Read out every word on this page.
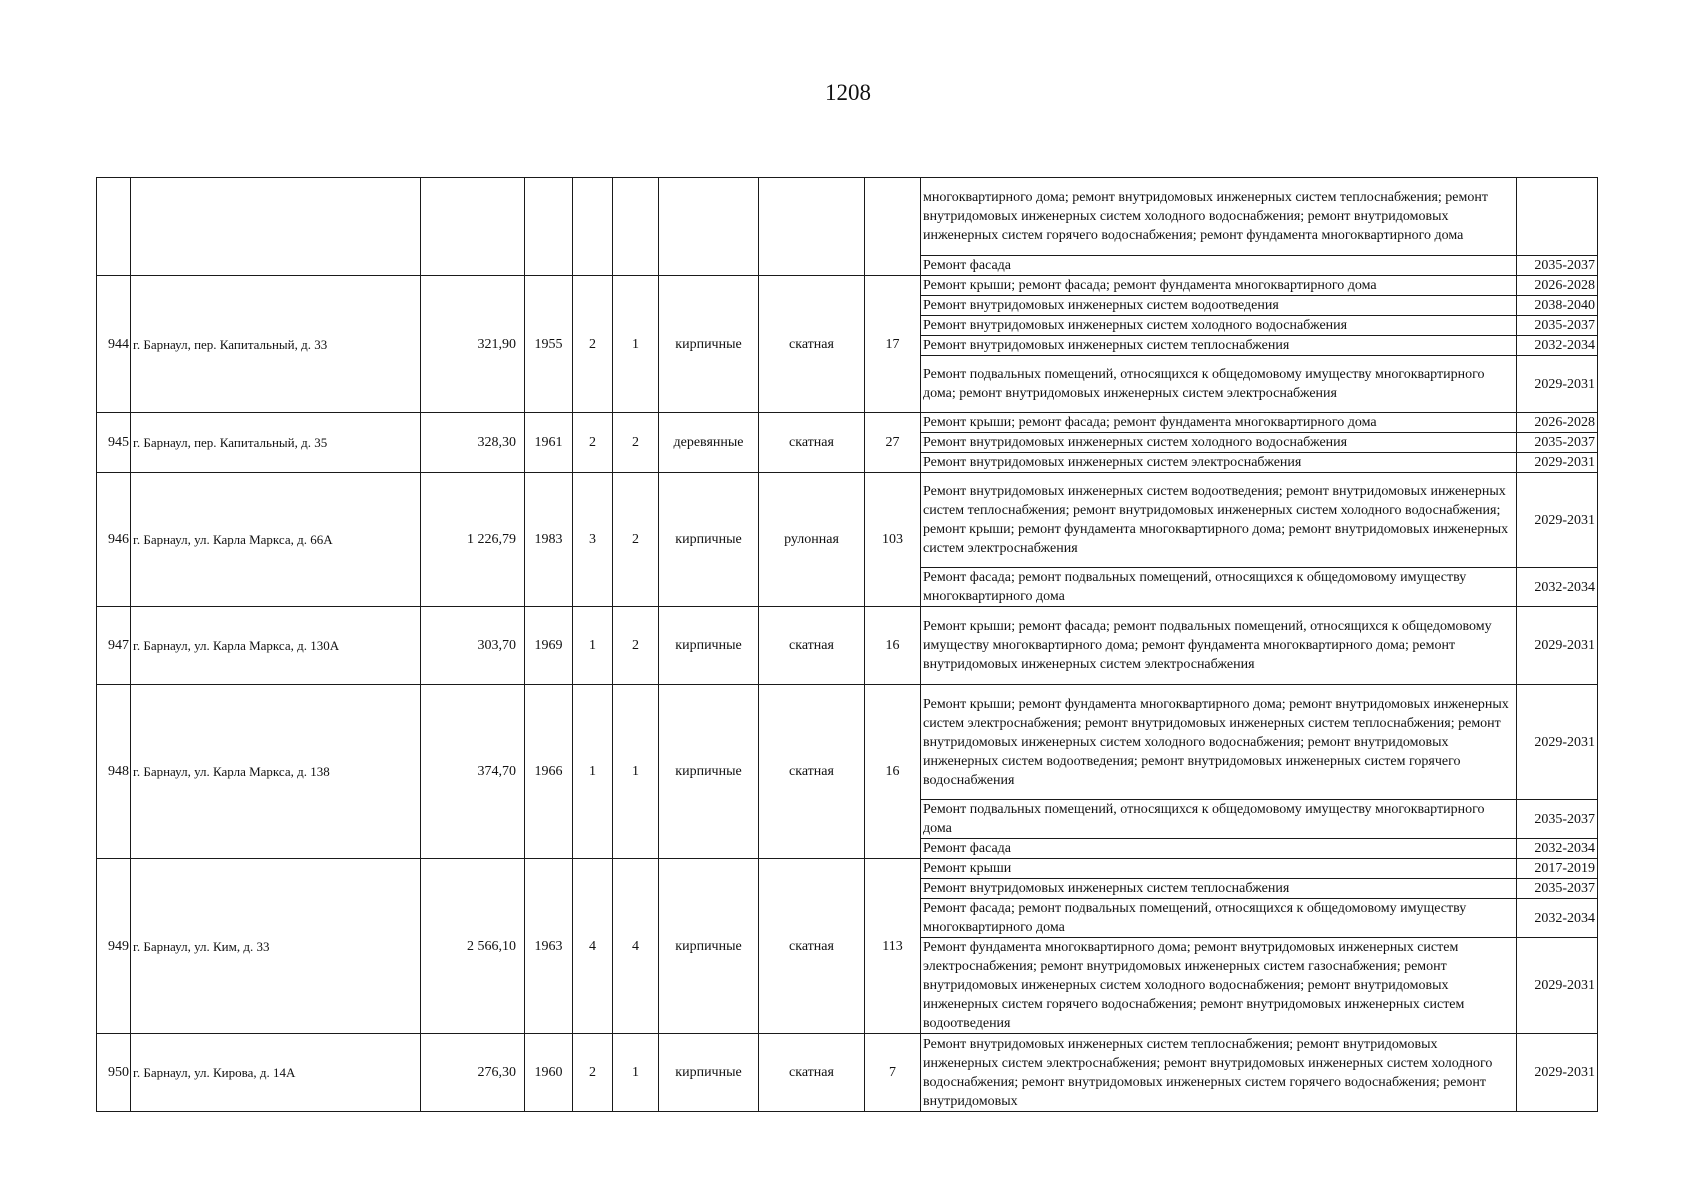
1208
									многоквартирного дома; ремонт внутридомовых инженерных систем теплоснабжения; ремонт внутридомовых инженерных систем холодного водоснабжения; ремонт внутридомовых инженерных систем горячего водоснабжения; ремонт фундамента многоквартирного дома	
									Ремонт фасада	2035-2037
944	г. Барнаул, пер. Капитальный, д. 33	321,90	1955	2	1	кирпичные	скатная	17	Ремонт крыши; ремонт фасада; ремонт фундамента многоквартирного дома	2026-2028
									Ремонт внутридомовых инженерных систем водоотведения	2038-2040
									Ремонт внутридомовых инженерных систем холодного водоснабжения	2035-2037
									Ремонт внутридомовых инженерных систем теплоснабжения	2032-2034
									Ремонт подвальных помещений, относящихся к общедомовому имуществу многоквартирного дома; ремонт внутридомовых инженерных систем электроснабжения	2029-2031
945	г. Барнаул, пер. Капитальный, д. 35	328,30	1961	2	2	деревянные	скатная	27	Ремонт крыши; ремонт фасада; ремонт фундамента многоквартирного дома	2026-2028
									Ремонт внутридомовых инженерных систем холодного водоснабжения	2035-2037
									Ремонт внутридомовых инженерных систем электроснабжения	2029-2031
946	г. Барнаул, ул. Карла Маркса, д. 66А	1 226,79	1983	3	2	кирпичные	рулонная	103	Ремонт внутридомовых инженерных систем водоотведения; ремонт внутридомовых инженерных систем теплоснабжения; ремонт внутридомовых инженерных систем холодного водоснабжения; ремонт крыши; ремонт фундамента многоквартирного дома; ремонт внутридомовых инженерных систем электроснабжения	2029-2031
									Ремонт фасада; ремонт подвальных помещений, относящихся к общедомовому имуществу многоквартирного дома	2032-2034
947	г. Барнаул, ул. Карла Маркса, д. 130А	303,70	1969	1	2	кирпичные	скатная	16	Ремонт крыши; ремонт фасада; ремонт подвальных помещений, относящихся к общедомовому имуществу многоквартирного дома; ремонт фундамента многоквартирного дома; ремонт внутридомовых инженерных систем электроснабжения	2029-2031
948	г. Барнаул, ул. Карла Маркса, д. 138	374,70	1966	1	1	кирпичные	скатная	16	Ремонт крыши; ремонт фундамента многоквартирного дома; ремонт внутридомовых инженерных систем электроснабжения; ремонт внутридомовых инженерных систем теплоснабжения; ремонт внутридомовых инженерных систем холодного водоснабжения; ремонт внутридомовых инженерных систем водоотведения; ремонт внутридомовых инженерных систем горячего водоснабжения	2029-2031
									Ремонт подвальных помещений, относящихся к общедомовому имуществу многоквартирного дома	2035-2037
									Ремонт фасада	2032-2034
949	г. Барнаул, ул. Ким, д. 33	2 566,10	1963	4	4	кирпичные	скатная	113	Ремонт крыши	2017-2019
									Ремонт внутридомовых инженерных систем теплоснабжения	2035-2037
									Ремонт фасада; ремонт подвальных помещений, относящихся к общедомовому имуществу многоквартирного дома	2032-2034
									Ремонт фундамента многоквартирного дома; ремонт внутридомовых инженерных систем электроснабжения; ремонт внутридомовых инженерных систем газоснабжения; ремонт внутридомовых инженерных систем холодного водоснабжения; ремонт внутридомовых инженерных систем горячего водоснабжения; ремонт внутридомовых инженерных систем водоотведения	2029-2031
950	г. Барнаул, ул. Кирова, д. 14А	276,30	1960	2	1	кирпичные	скатная	7	Ремонт внутридомовых инженерных систем теплоснабжения; ремонт внутридомовых инженерных систем электроснабжения; ремонт внутридомовых инженерных систем холодного водоснабжения; ремонт внутридомовых инженерных систем горячего водоснабжения; ремонт внутридомовых	2029-2031
